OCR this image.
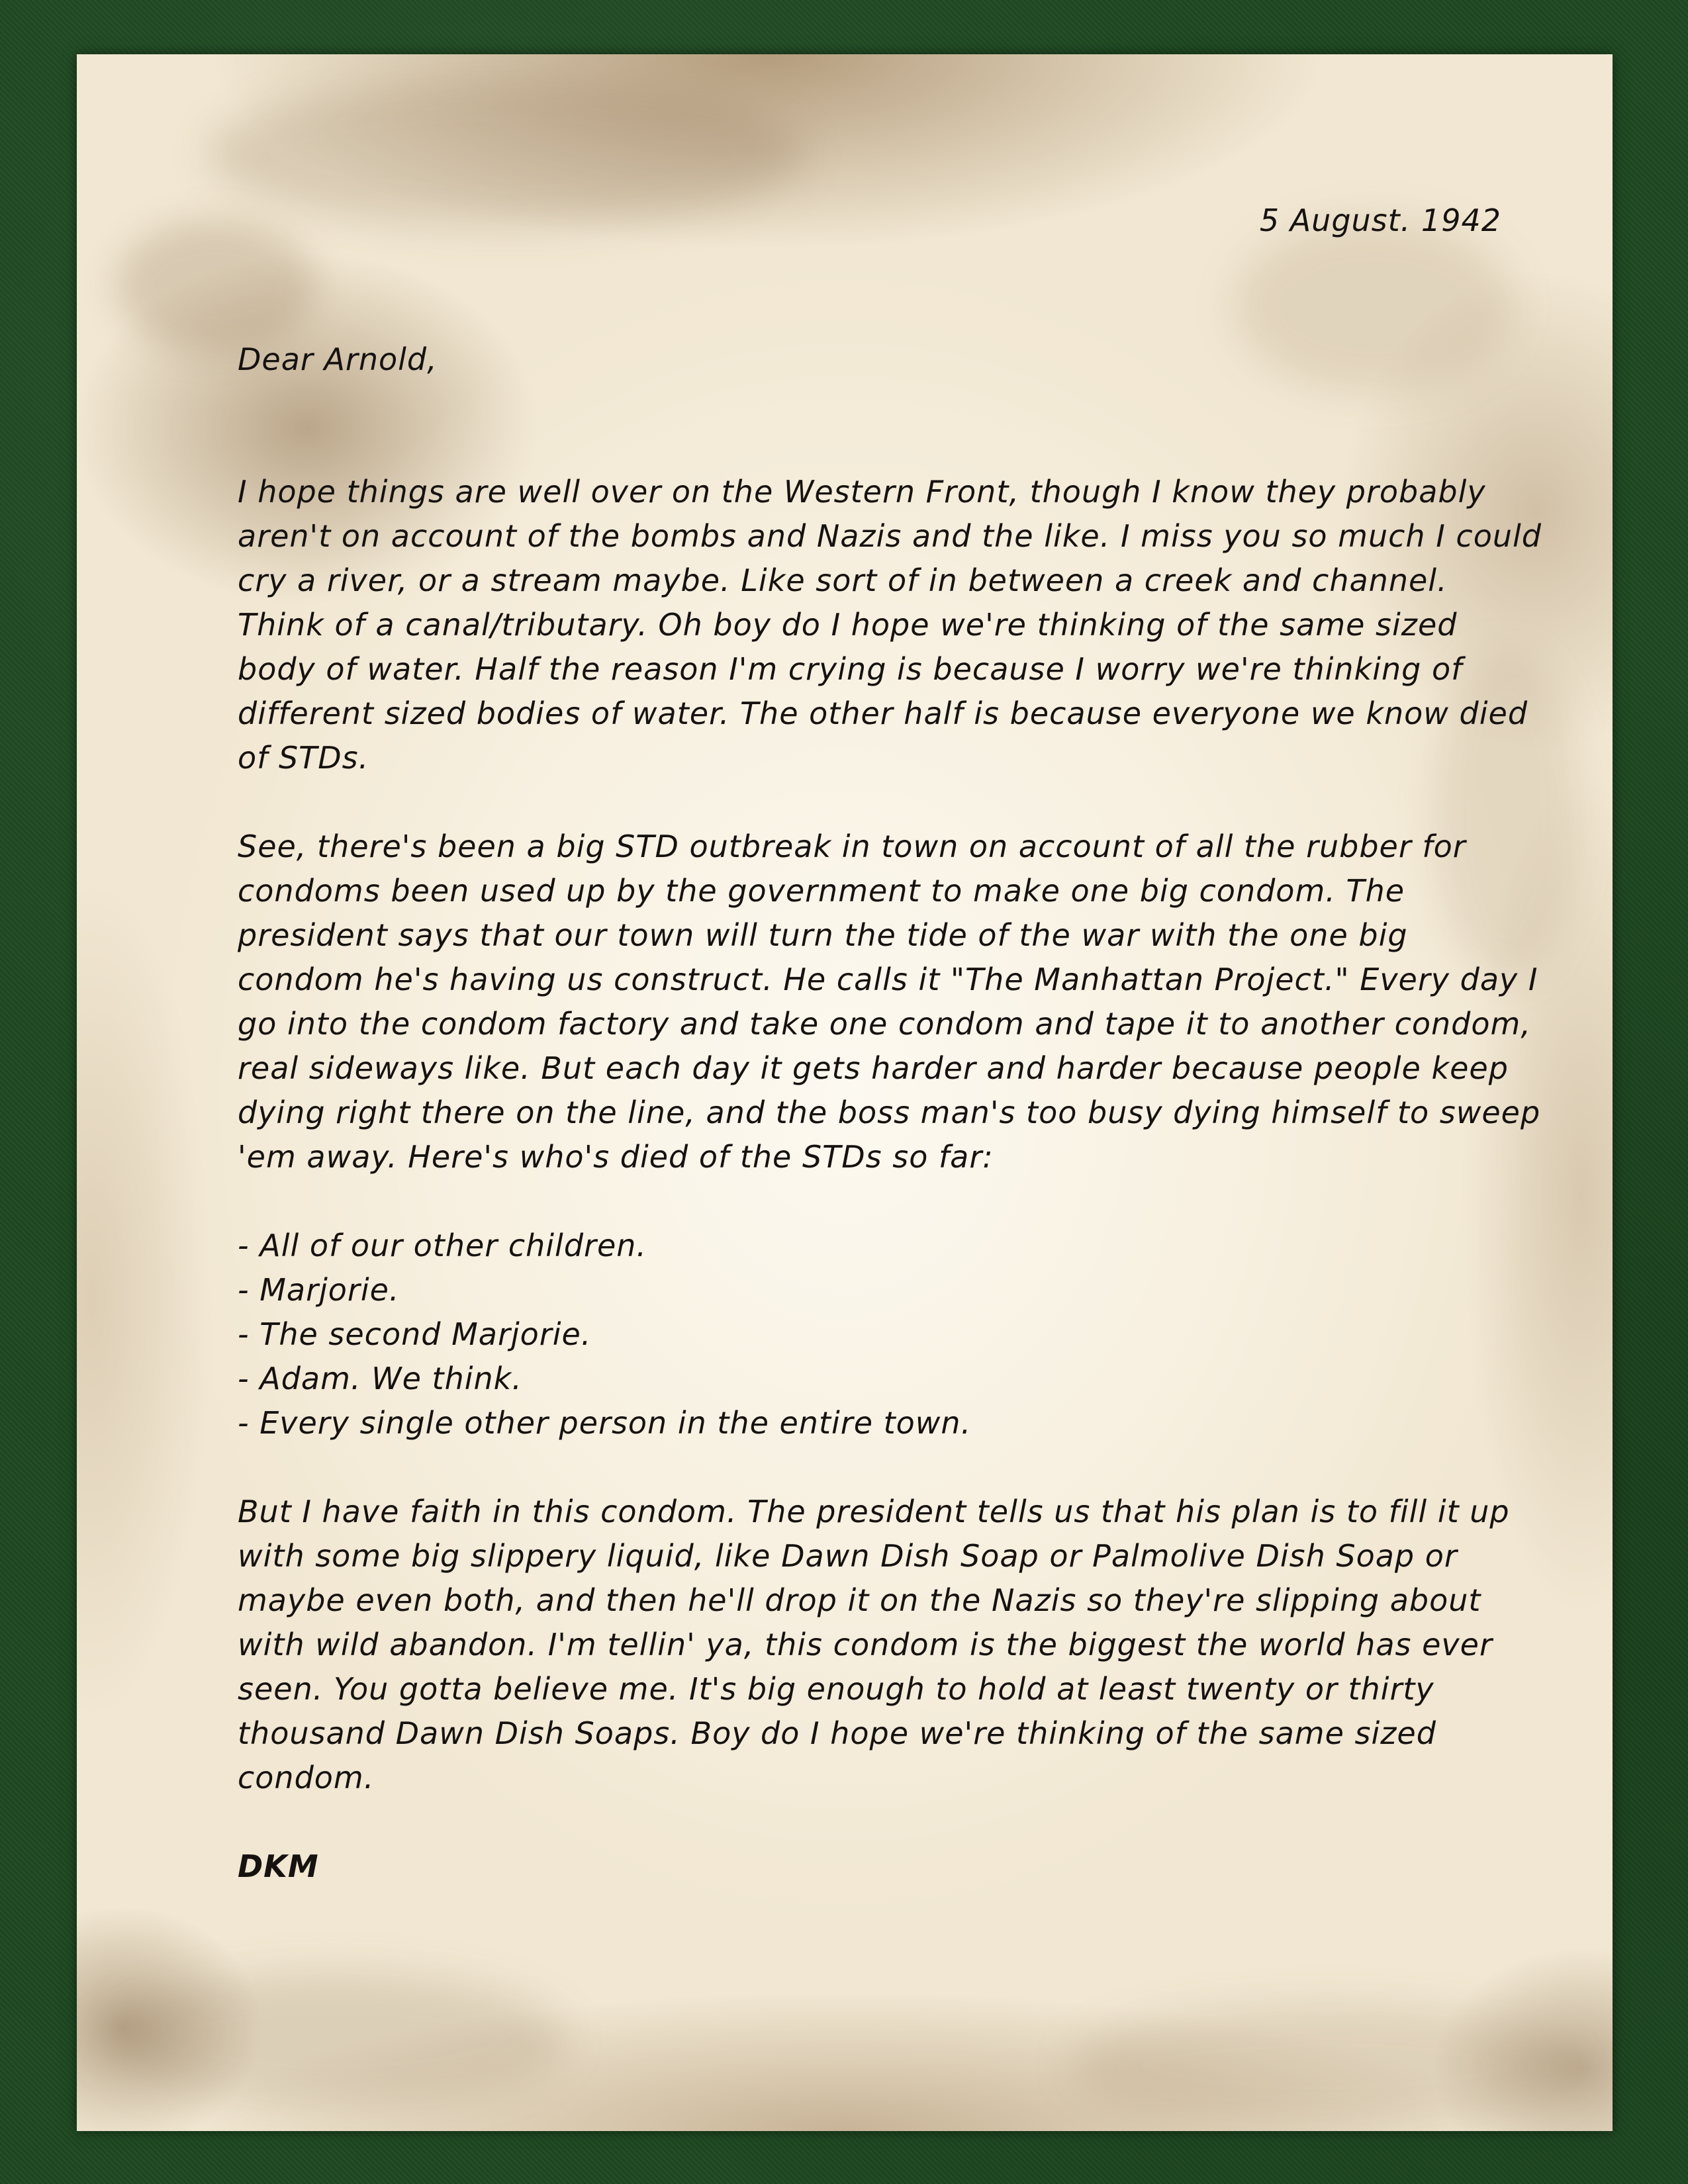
5 August. 1942

Dear Arnold,

I hope things are well over on the Western Front, though I know they probably aren't on account of the bombs and Nazis and the like. I miss you so much I could cry a river, or a stream maybe. Like sort of in between a creek and channel. Think of a canal/tributary. Oh boy do I hope we're thinking of the same sized body of water. Half the reason I'm crying is because I worry we're thinking of different sized bodies of water. The other half is because everyone we know died of STDs.

See, there's been a big STD outbreak in town on account of all the rubber for condoms been used up by the government to make one big condom. The president says that our town will turn the tide of the war with the one big condom he's having us construct. He calls it "The Manhattan Project." Every day I go into the condom factory and take one condom and tape it to another condom, real sideways like. But each day it gets harder and harder because people keep dying right there on the line, and the boss man's too busy dying himself to sweep 'em away. Here's who's died of the STDs so far:

- All of our other children.
- Marjorie.
- The second Marjorie.
- Adam. We think.
- Every single other person in the entire town.

But I have faith in this condom. The president tells us that his plan is to fill it up with some big slippery liquid, like Dawn Dish Soap or Palmolive Dish Soap or maybe even both, and then he'll drop it on the Nazis so they're slipping about with wild abandon. I'm tellin' ya, this condom is the biggest the world has ever seen. You gotta believe me. It's big enough to hold at least twenty or thirty thousand Dawn Dish Soaps. Boy do I hope we're thinking of the same sized condom.

DKM
